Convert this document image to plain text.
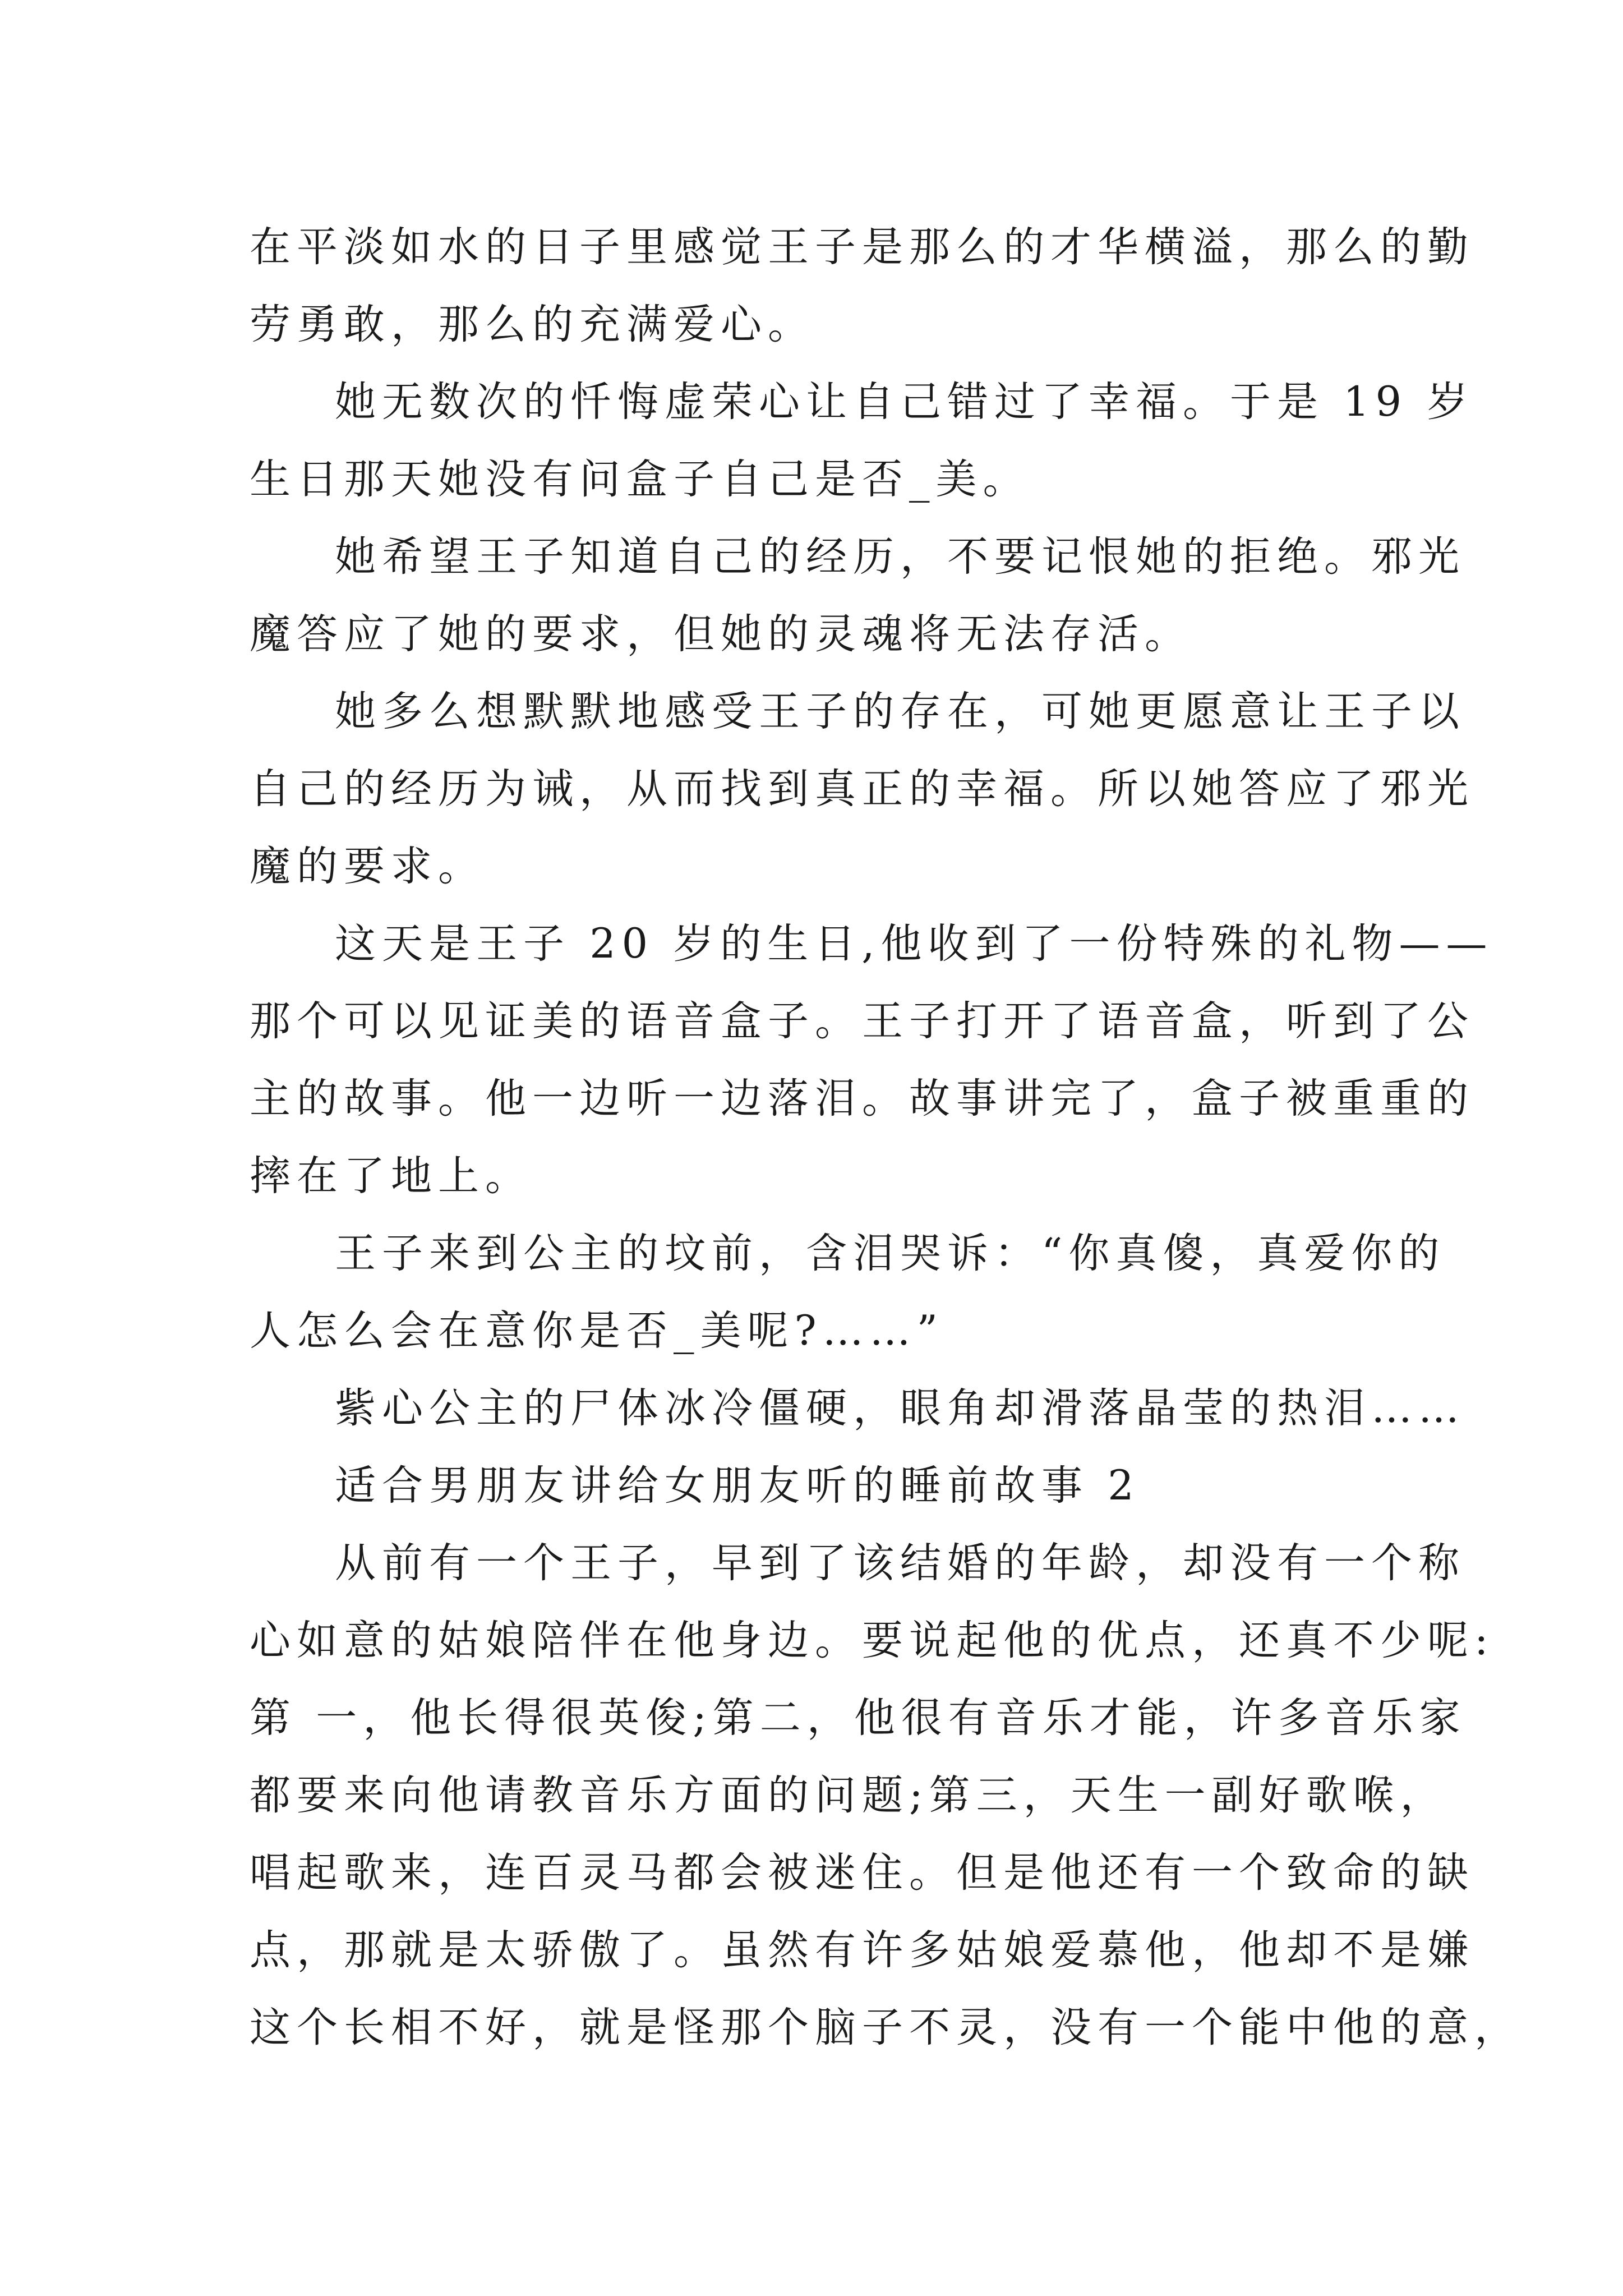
在平淡如水的日子里感觉王子是那么的才华横溢，那么的勤
劳勇敢，那么的充满爱心。
她无数次的忏悔虚荣心让自己错过了幸福。于是 19 岁
生日那天她没有问盒子自己是否_美。
她希望王子知道自己的经历，不要记恨她的拒绝。邪光
魔答应了她的要求，但她的灵魂将无法存活。
她多么想默默地感受王子的存在，可她更愿意让王子以
自己的经历为诫，从而找到真正的幸福。所以她答应了邪光
魔的要求。
这天是王子 20 岁的生日,他收到了一份特殊的礼物——
那个可以见证美的语音盒子。王子打开了语音盒，听到了公
主的故事。他一边听一边落泪。故事讲完了，盒子被重重的
摔在了地上。
王子来到公主的坟前，含泪哭诉：“你真傻，真爱你的
人怎么会在意你是否_美呢?……”
紫心公主的尸体冰冷僵硬，眼角却滑落晶莹的热泪……
适合男朋友讲给女朋友听的睡前故事 2
从前有一个王子，早到了该结婚的年龄，却没有一个称
心如意的姑娘陪伴在他身边。要说起他的优点，还真不少呢:
第 一，他长得很英俊;第二，他很有音乐才能，许多音乐家
都要来向他请教音乐方面的问题;第三，天生一副好歌喉，
唱起歌来，连百灵马都会被迷住。但是他还有一个致命的缺
点，那就是太骄傲了。虽然有许多姑娘爱慕他，他却不是嫌
这个长相不好，就是怪那个脑子不灵，没有一个能中他的意，
